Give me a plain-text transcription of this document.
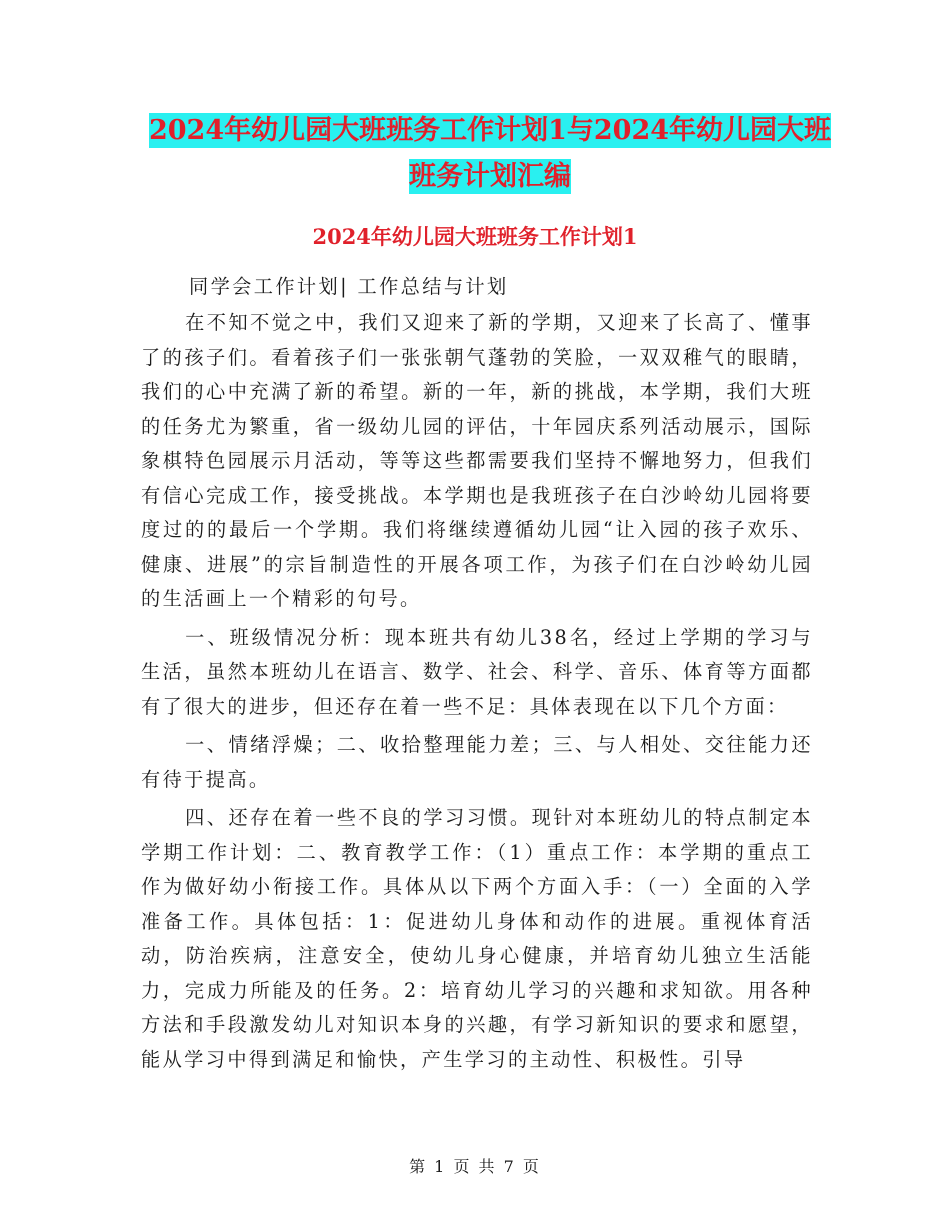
2024年幼儿园大班班务工作计划1与2024年幼儿园大班班务计划汇编
2024年幼儿园大班班务工作计划1

同学会工作计划| 工作总结与计划

在不知不觉之中，我们又迎来了新的学期，又迎来了长高了、懂事了的孩子们。看着孩子们一张张朝气蓬勃的笑脸，一双双稚气的眼睛，我们的心中充满了新的希望。新的一年，新的挑战，本学期，我们大班的任务尤为繁重，省一级幼儿园的评估，十年园庆系列活动展示，国际象棋特色园展示月活动，等等这些都需要我们坚持不懈地努力，但我们有信心完成工作，接受挑战。本学期也是我班孩子在白沙岭幼儿园将要度过的的最后一个学期。我们将继续遵循幼儿园“让入园的孩子欢乐、健康、进展”的宗旨制造性的开展各项工作，为孩子们在白沙岭幼儿园的生活画上一个精彩的句号。

一、班级情况分析：现本班共有幼儿38名，经过上学期的学习与生活，虽然本班幼儿在语言、数学、社会、科学、音乐、体育等方面都有了很大的进步，但还存在着一些不足：具体表现在以下几个方面：

一、情绪浮燥；二、收拾整理能力差；三、与人相处、交往能力还有待于提高。

四、还存在着一些不良的学习习惯。现针对本班幼儿的特点制定本学期工作计划：二、教育教学工作：（1）重点工作：本学期的重点工作为做好幼小衔接工作。具体从以下两个方面入手：（一）全面的入学准备工作。具体包括：1：促进幼儿身体和动作的进展。重视体育活动，防治疾病，注意安全，使幼儿身心健康，并培育幼儿独立生活能力，完成力所能及的任务。2：培育幼儿学习的兴趣和求知欲。用各种方法和手段激发幼儿对知识本身的兴趣，有学习新知识的要求和愿望，能从学习中得到满足和愉快，产生学习的主动性、积极性。引导

第 1 页 共 7 页
